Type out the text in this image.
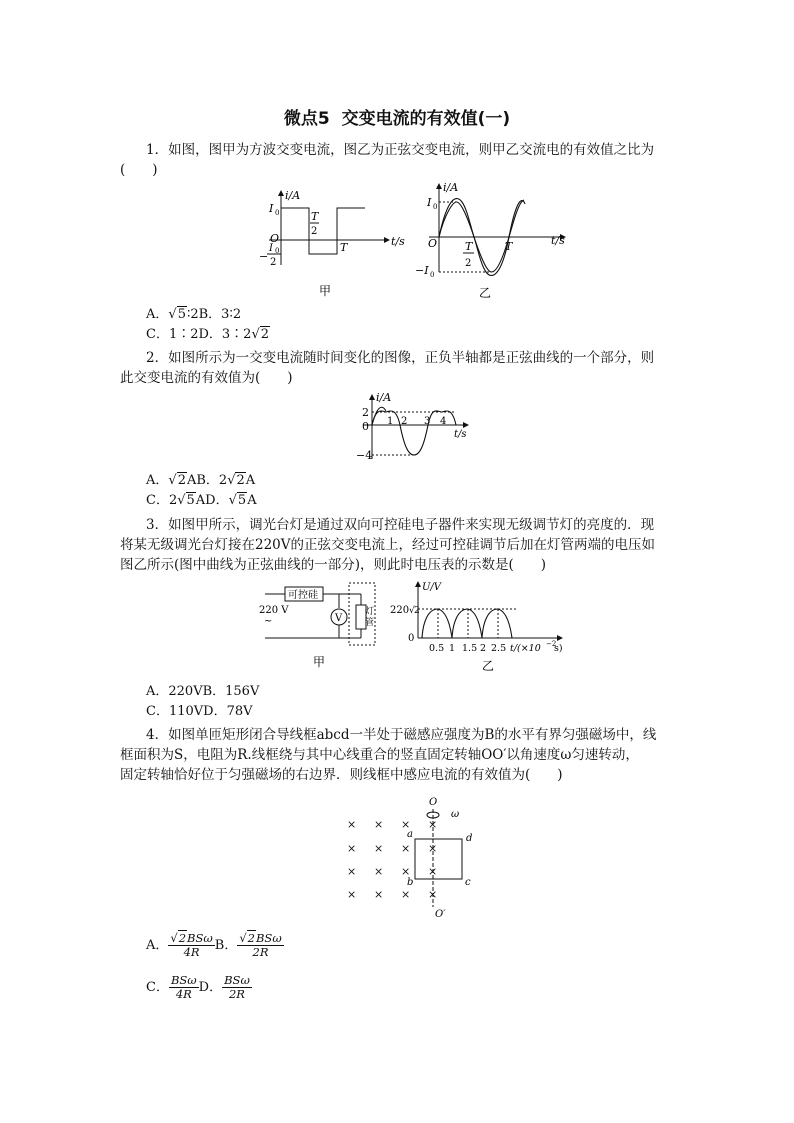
微点5 交变电流的有效值(一)
1．如图，图甲为方波交变电流，图乙为正弦交变电流，则甲乙交流电的有效值之比为
(　　)
i/A
t/s
I 0
O
I 0
− 2
T
2
T
甲
i/A
t/s
I 0
O
−I 0
T
2
T
乙
A．√5∶2B．3∶2
C．1∶2D．3∶2√2
2．如图所示为一交变电流随时间变化的图像，正负半轴都是正弦曲线的一个部分，则
此交变电流的有效值为(　　)
i/A
t/s
2
0
−4
1 2 3 4
A．√2AB．2√2A
C．2√5AD．√5A
3．如图甲所示，调光台灯是通过双向可控硅电子器件来实现无级调节灯的亮度的．现
将某无级调光台灯接在220V的正弦交变电流上，经过可控硅调节后加在灯管两端的电压如
图乙所示(图中曲线为正弦曲线的一部分)，则此时电压表的示数是(　　)
可控硅
V
灯
管
220 V
~
甲
U/V
220 √ 2
0
0.5 1 1.5 2 2.5 t/(×10 −2
s)
乙
A．220VB．156V
C．110VD．78V
4．如图单匝矩形闭合导线框abcd一半处于磁感应强度为B的水平有界匀强磁场中，线
框面积为S，电阻为R.线框绕与其中心线重合的竖直固定转轴OO′以角速度ω匀速转动，
固定转轴恰好位于匀强磁场的右边界．则线框中感应电流的有效值为(　　)
O
ω
a	d
b	c
O′
× × × ×
× × × ×
× × × ×
× × × ×
A． $\frac{\text{√2BSω}}{4R}$ B． $\frac{\text{√2BSω}}{2R}$
C． $\frac{\text{BSω}}{4R}$ D． $\frac{\text{BSω}}{2R}$
